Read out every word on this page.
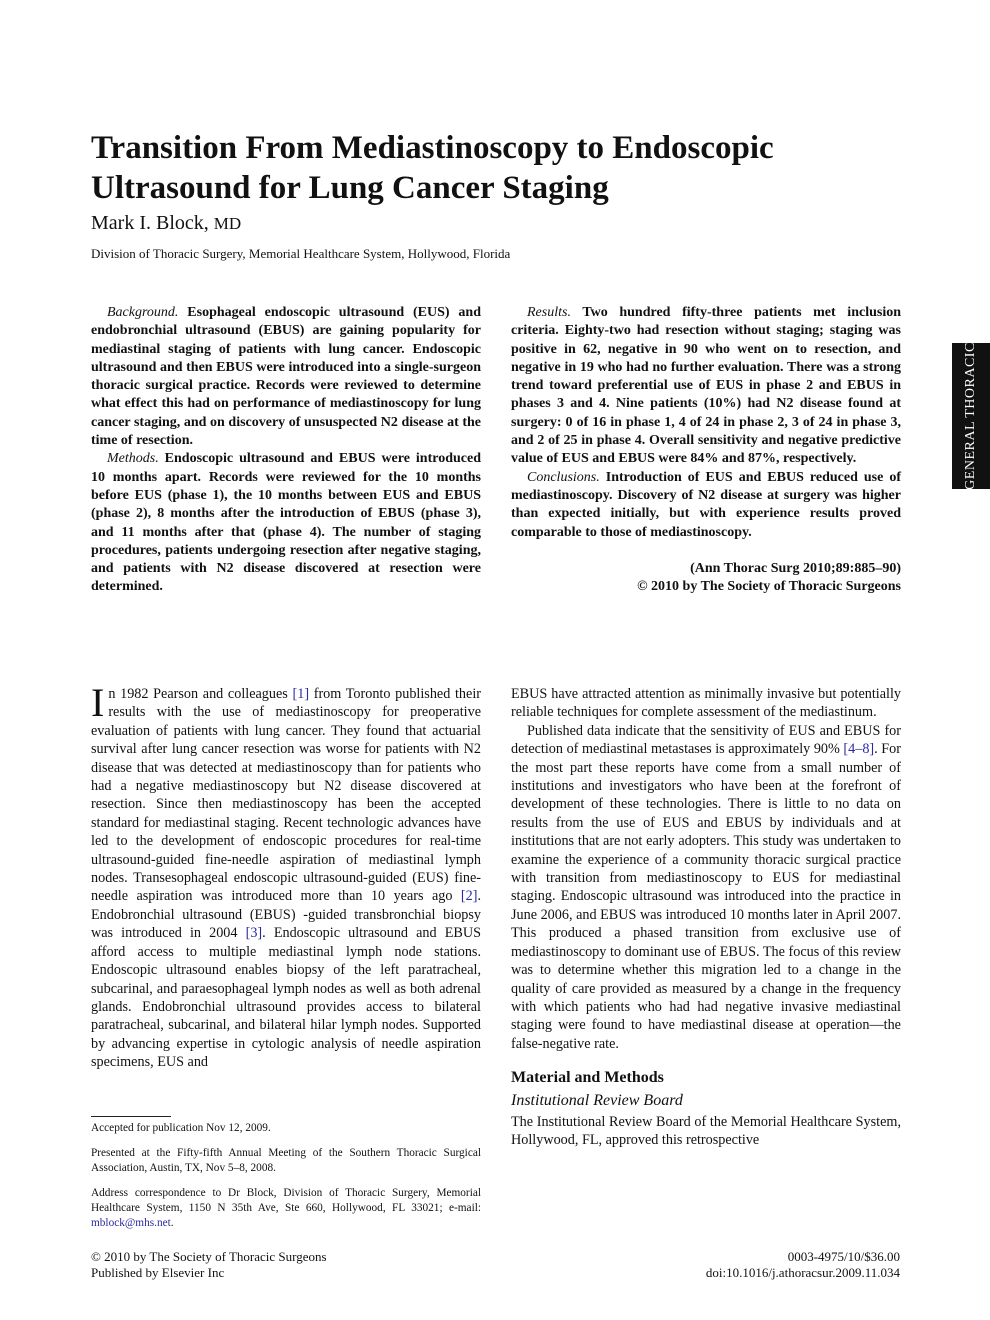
Transition From Mediastinoscopy to Endoscopic Ultrasound for Lung Cancer Staging
Mark I. Block, MD
Division of Thoracic Surgery, Memorial Healthcare System, Hollywood, Florida
GENERAL THORACIC

Background. Esophageal endoscopic ultrasound (EUS) and endobronchial ultrasound (EBUS) are gaining popularity for mediastinal staging of patients with lung cancer. Endoscopic ultrasound and then EBUS were introduced into a single-surgeon thoracic surgical practice. Records were reviewed to determine what effect this had on performance of mediastinoscopy for lung cancer staging, and on discovery of unsuspected N2 disease at the time of resection.

Methods. Endoscopic ultrasound and EBUS were introduced 10 months apart. Records were reviewed for the 10 months before EUS (phase 1), the 10 months between EUS and EBUS (phase 2), 8 months after the introduction of EBUS (phase 3), and 11 months after that (phase 4). The number of staging procedures, patients undergoing resection after negative staging, and patients with N2 disease discovered at resection were determined.

Results. Two hundred fifty-three patients met inclusion criteria. Eighty-two had resection without staging; staging was positive in 62, negative in 90 who went on to resection, and negative in 19 who had no further evaluation. There was a strong trend toward preferential use of EUS in phase 2 and EBUS in phases 3 and 4. Nine patients (10%) had N2 disease found at surgery: 0 of 16 in phase 1, 4 of 24 in phase 2, 3 of 24 in phase 3, and 2 of 25 in phase 4. Overall sensitivity and negative predictive value of EUS and EBUS were 84% and 87%, respectively.

Conclusions. Introduction of EUS and EBUS reduced use of mediastinoscopy. Discovery of N2 disease at surgery was higher than expected initially, but with experience results proved comparable to those of mediastinoscopy.

(Ann Thorac Surg 2010;89:885–90)
© 2010 by The Society of Thoracic Surgeons

In 1982 Pearson and colleagues [1] from Toronto published their results with the use of mediastinoscopy for preoperative evaluation of patients with lung cancer. They found that actuarial survival after lung cancer resection was worse for patients with N2 disease that was detected at mediastinoscopy than for patients who had a negative mediastinoscopy but N2 disease discovered at resection. Since then mediastinoscopy has been the accepted standard for mediastinal staging. Recent technologic advances have led to the development of endoscopic procedures for real-time ultrasound-guided fine-needle aspiration of mediastinal lymph nodes. Transesophageal endoscopic ultrasound-guided (EUS) fine-needle aspiration was introduced more than 10 years ago [2]. Endobronchial ultrasound (EBUS) -guided transbronchial biopsy was introduced in 2004 [3]. Endoscopic ultrasound and EBUS afford access to multiple mediastinal lymph node stations. Endoscopic ultrasound enables biopsy of the left paratracheal, subcarinal, and paraesophageal lymph nodes as well as both adrenal glands. Endobronchial ultrasound provides access to bilateral paratracheal, subcarinal, and bilateral hilar lymph nodes. Supported by advancing expertise in cytologic analysis of needle aspiration specimens, EUS and

EBUS have attracted attention as minimally invasive but potentially reliable techniques for complete assessment of the mediastinum.

Published data indicate that the sensitivity of EUS and EBUS for detection of mediastinal metastases is approximately 90% [4–8]. For the most part these reports have come from a small number of institutions and investigators who have been at the forefront of development of these technologies. There is little to no data on results from the use of EUS and EBUS by individuals and at institutions that are not early adopters. This study was undertaken to examine the experience of a community thoracic surgical practice with transition from mediastinoscopy to EUS for mediastinal staging. Endoscopic ultrasound was introduced into the practice in June 2006, and EBUS was introduced 10 months later in April 2007. This produced a phased transition from exclusive use of mediastinoscopy to dominant use of EBUS. The focus of this review was to determine whether this migration led to a change in the quality of care provided as measured by a change in the frequency with which patients who had had negative invasive mediastinal staging were found to have mediastinal disease at operation—the false-negative rate.

Material and Methods
Institutional Review Board

The Institutional Review Board of the Memorial Healthcare System, Hollywood, FL, approved this retrospective

Accepted for publication Nov 12, 2009.

Presented at the Fifty-fifth Annual Meeting of the Southern Thoracic Surgical Association, Austin, TX, Nov 5–8, 2008.

Address correspondence to Dr Block, Division of Thoracic Surgery, Memorial Healthcare System, 1150 N 35th Ave, Ste 660, Hollywood, FL 33021; e-mail: mblock@mhs.net.

© 2010 by The Society of Thoracic Surgeons
Published by Elsevier Inc
0003-4975/10/$36.00
doi:10.1016/j.athoracsur.2009.11.034
